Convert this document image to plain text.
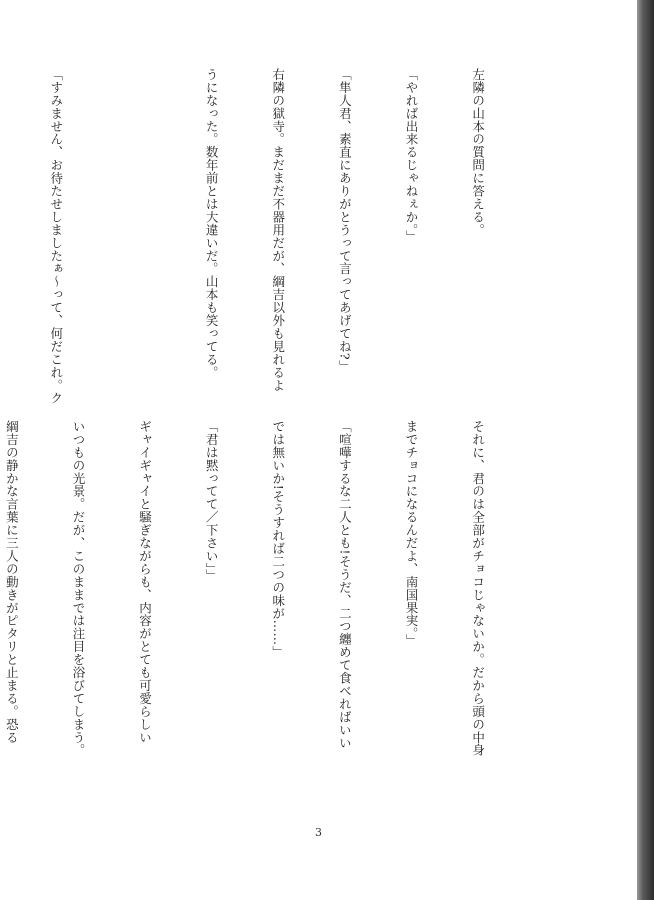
左隣の山本の質問に答える。

「やれば出来るじゃねぇか。」

「隼人君、素直にありがとうって言ってあげてね?」

右隣の獄寺。まだまだ不器用だが、綱吉以外も見れるよ

うになった。数年前とは大違いだ。山本も笑ってる。

「すみません、お待たせしましたぁ〜って、何だこれ。ク

それに、君のは全部がチョコじゃないか。だから頭の中身

までチョコになるんだよ、南国果実。」

「喧嘩するな二人とも!そうだ、二つ纏めて食べればいい

では無いか!そうすれば二つの味が……」

「君は黙ってて／下さい」」

ギャイギャイと騒ぎながらも、内容がとても可愛らしい

いつもの光景。だが、このままでは注目を浴びてしまう。

綱吉の静かな言葉に三人の動きがピタリと止まる。恐る

3
